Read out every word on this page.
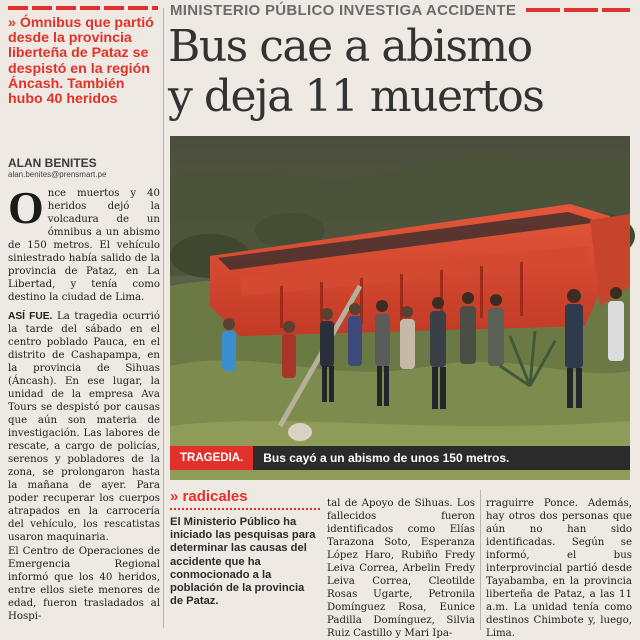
MINISTERIO PÚBLICO INVESTIGA ACCIDENTE
Bus cae a abismo
y deja 11 muertos
» Ómnibus que partió desde la provincia liberteña de Pataz se despistó en la región Áncash. También hubo 40 heridos
ALAN BENITES
alan.benites@prensmart.pe

Once muertos y 40 heridos dejó la volcadura de un ómnibus a un abismo de 150 metros. El vehículo siniestrado había salido de la provincia de Pataz, en La Libertad, y tenía como destino la ciudad de Lima.

ASÍ FUE. La tragedia ocurrió la tarde del sábado en el centro poblado Pauca, en el distrito de Cashapampa, en la provincia de Sihuas (Áncash). En ese lugar, la unidad de la empresa Ava Tours se despistó por causas que aún son materia de investigación. Las labores de rescate, a cargo de policías, serenos y pobladores de la zona, se prolongaron hasta la mañana de ayer. Para poder recuperar los cuerpos atrapados en la carrocería del vehículo, los rescatistas usaron maquinaria.

El Centro de Operaciones de Emergencia Regional informó que los 40 heridos, entre ellos siete menores de edad, fueron trasladados al Hospi-

TRAGEDIA.	Bus cayó a un abismo de unos 150 metros.
» radicales
El Ministerio Público ha iniciado las pesquisas para determinar las causas del accidente que ha conmocionado a la población de la provincia de Pataz.
tal de Apoyo de Sihuas. Los fallecidos fueron identificados como Elías Tarazona Soto, Esperanza López Haro, Rubiño Fredy Leiva Correa, Arbelin Fredy Leiva Correa, Cleotilde Rosas Ugarte, Petronila Domínguez Rosa, Eunice Padilla Domínguez, Silvia Ruiz Castillo y Mari Ipa-
rraguirre Ponce. Además, hay otros dos personas que aún no han sido identificadas. Según se informó, el bus interprovincial partió desde Tayabamba, en la provincia liberteña de Pataz, a las 11 a.m. La unidad tenía como destinos Chimbote y, luego, Lima.
